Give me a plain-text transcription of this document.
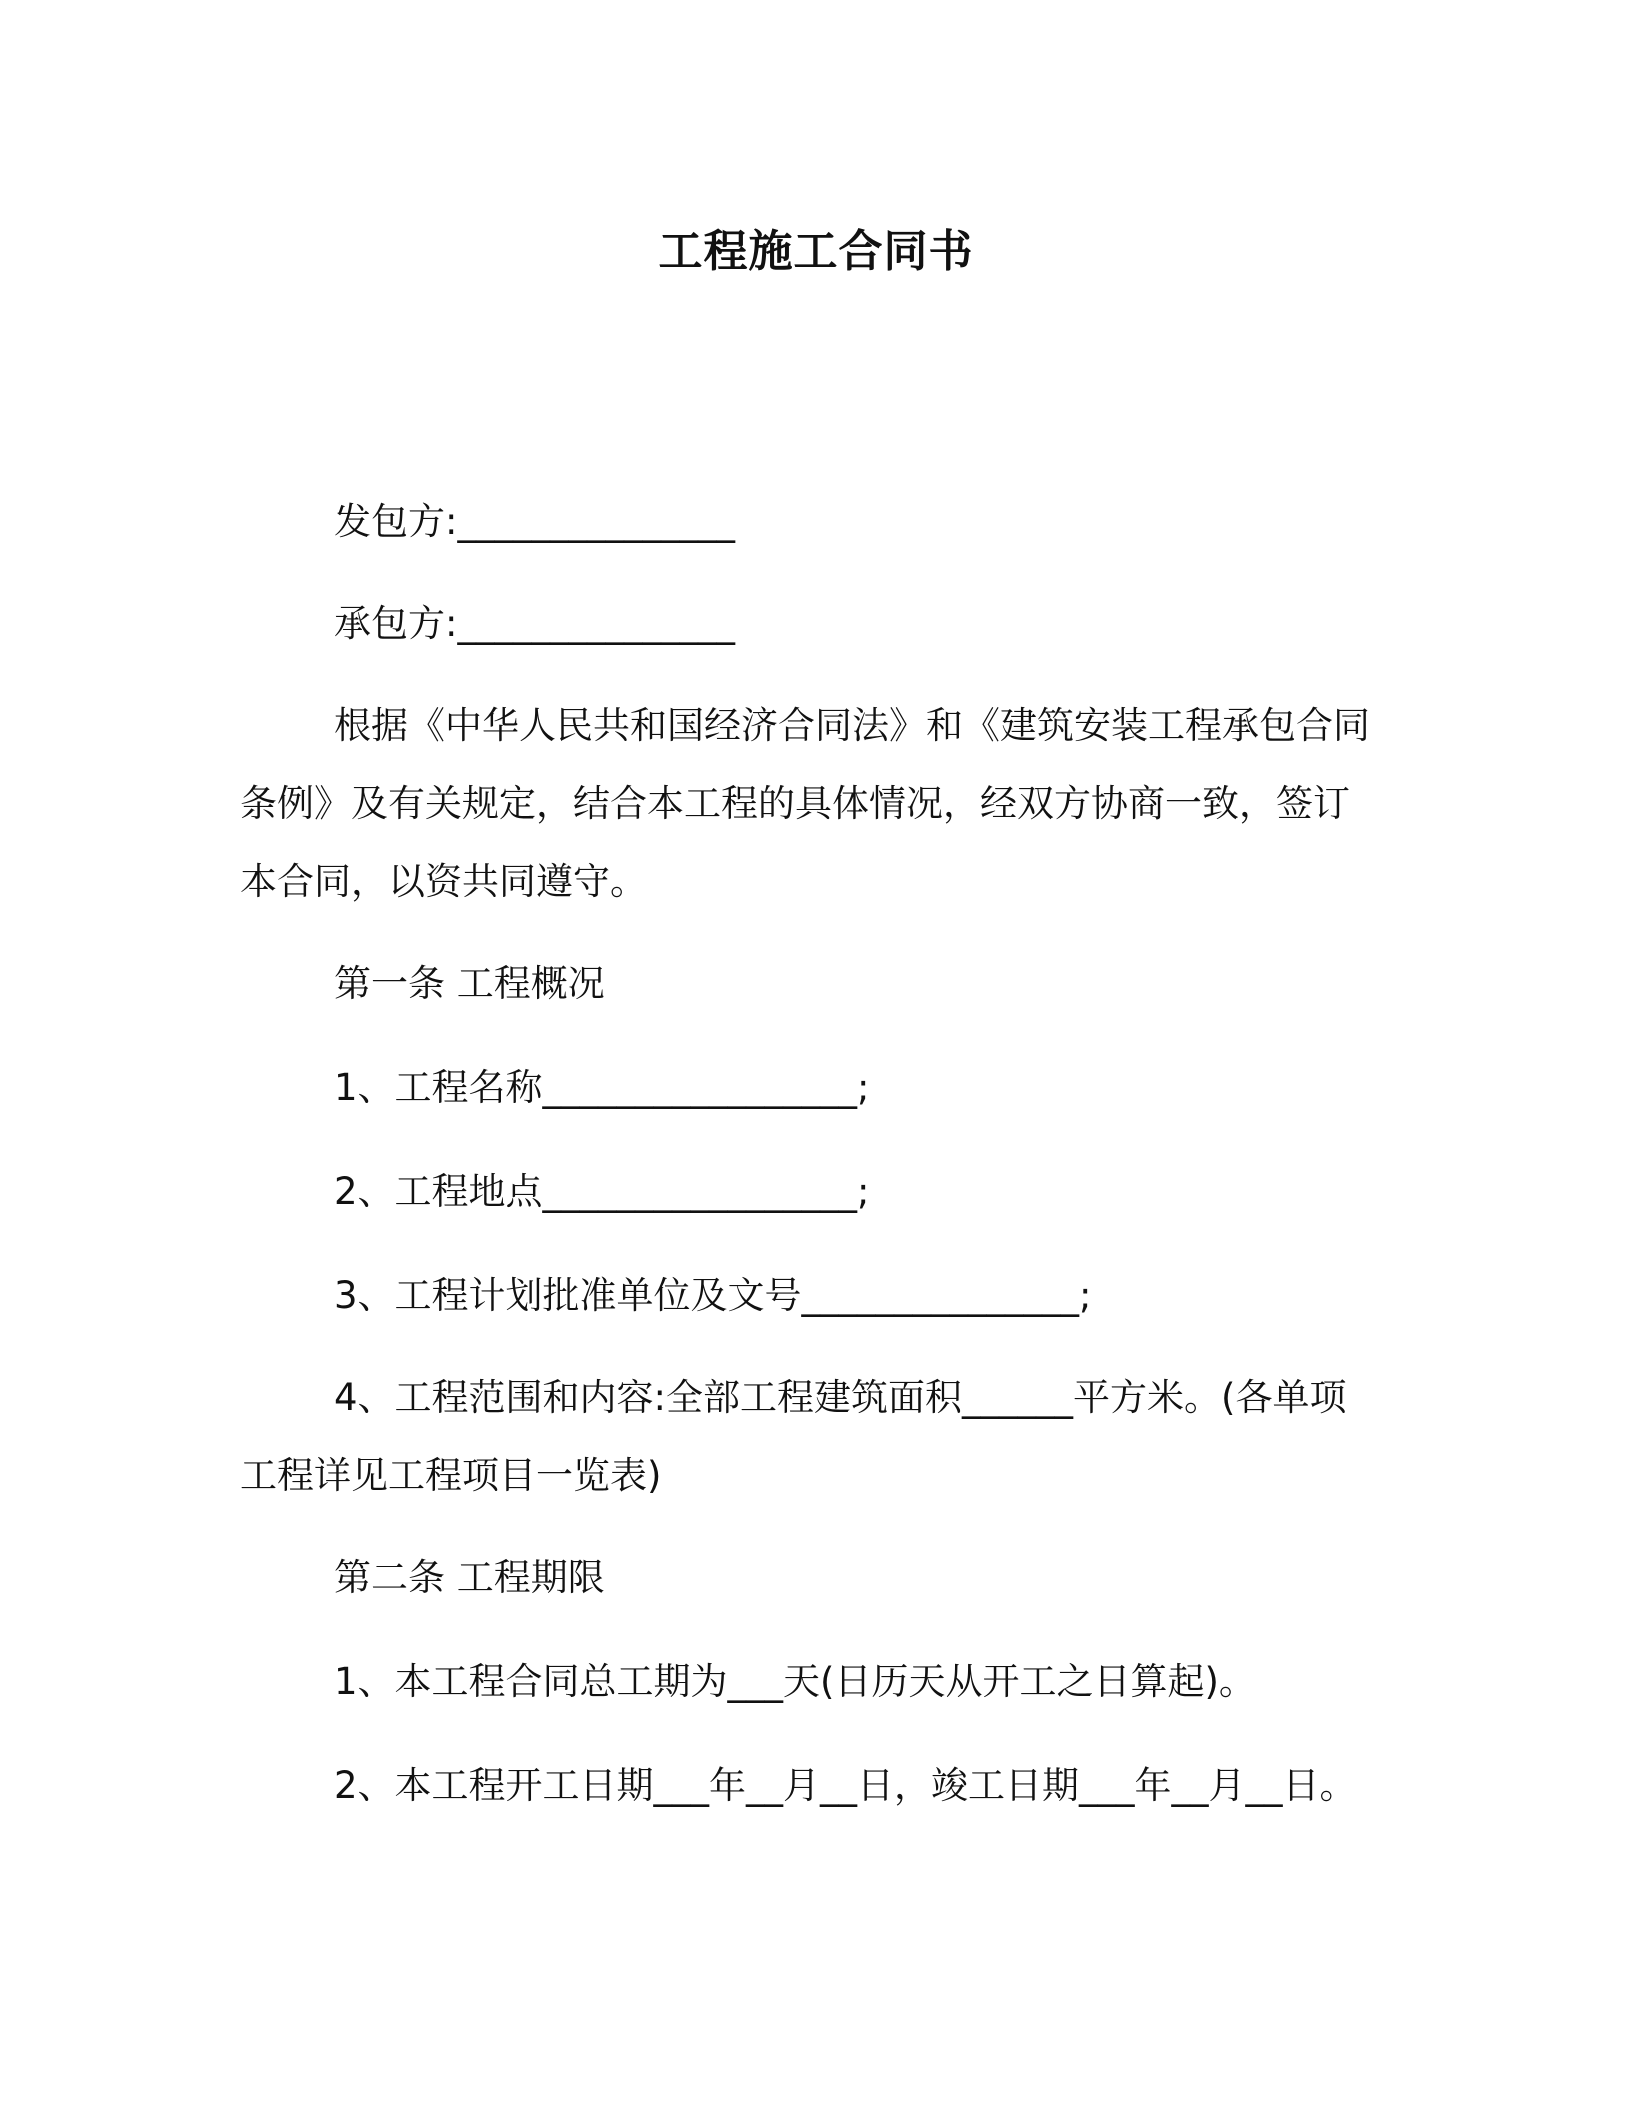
工程施工合同书
发包方:_______________
承包方:_______________
根据《中华人民共和国经济合同法》和《建筑安装工程承包合同
条例》及有关规定，结合本工程的具体情况，经双方协商一致，签订
本合同，以资共同遵守。
第一条 工程概况
1、工程名称_________________;
2、工程地点_________________;
3、工程计划批准单位及文号_______________;
4、工程范围和内容:全部工程建筑面积______平方米。(各单项
工程详见工程项目一览表)
第二条 工程期限
1、本工程合同总工期为___天(日历天从开工之日算起)。
2、本工程开工日期___年__月__日，竣工日期___年__月__日。
